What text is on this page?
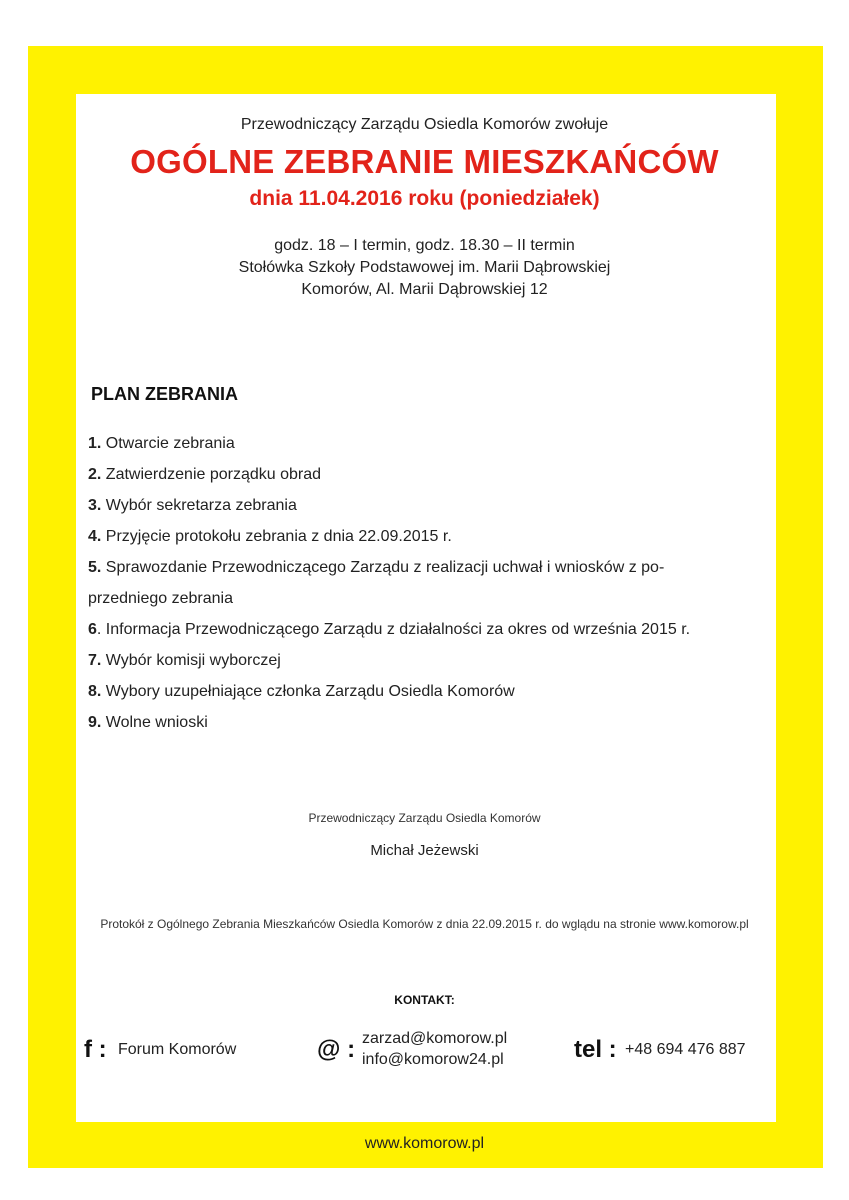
Przewodniczący Zarządu Osiedla Komorów zwołuje
OGÓLNE ZEBRANIE MIESZKAŃCÓW
dnia 11.04.2016 roku (poniedziałek)
godz. 18 – I termin, godz. 18.30 – II termin
Stołówka Szkoły Podstawowej im. Marii Dąbrowskiej
Komorów, Al. Marii Dąbrowskiej 12
PLAN ZEBRANIA
1. Otwarcie zebrania
2. Zatwierdzenie porządku obrad
3. Wybór sekretarza zebrania
4. Przyjęcie protokołu zebrania z dnia 22.09.2015 r.
5. Sprawozdanie Przewodniczącego Zarządu z realizacji uchwał i wniosków z po-
przedniego zebrania
6. Informacja Przewodniczącego Zarządu z działalności za okres od września 2015 r.
7. Wybór komisji wyborczej
8. Wybory uzupełniające członka Zarządu Osiedla Komorów
9. Wolne wnioski
Przewodniczący Zarządu Osiedla Komorów
Michał Jeżewski
Protokół z Ogólnego Zebrania Mieszkańców Osiedla Komorów z dnia 22.09.2015 r. do wglądu na stronie www.komorow.pl
KONTAKT:
f : Forum Komorów	@ : zarzad@komorow.pl
info@komorow24.pl	tel : +48 694 476 887
www.komorow.pl
